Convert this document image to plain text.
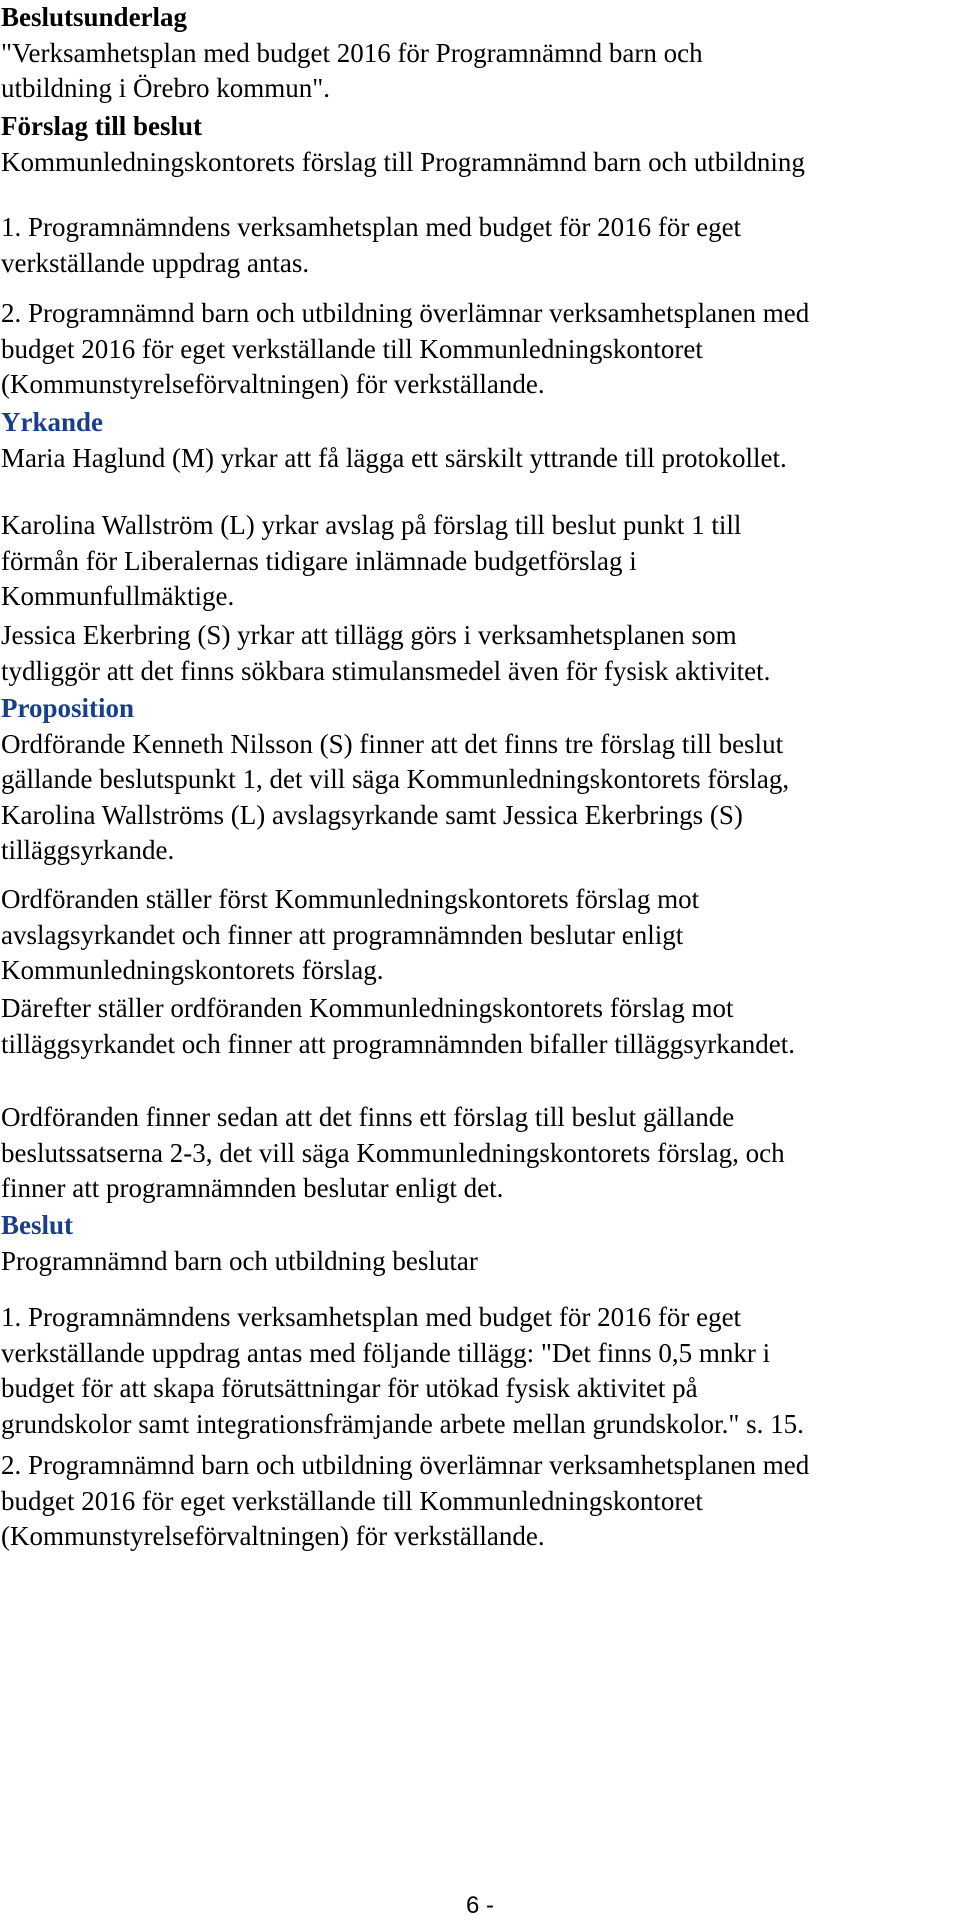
Beslutsunderlag
"Verksamhetsplan med budget 2016 för Programnämnd barn och
utbildning i Örebro kommun".
Förslag till beslut
Kommunledningskontorets förslag till Programnämnd barn och utbildning
1. Programnämndens verksamhetsplan med budget för 2016 för eget
verkställande uppdrag antas.
2. Programnämnd barn och utbildning överlämnar verksamhetsplanen med
budget 2016 för eget verkställande till Kommunledningskontoret
(Kommunstyrelseförvaltningen) för verkställande.
Yrkande
Maria Haglund (M) yrkar att få lägga ett särskilt yttrande till protokollet.
Karolina Wallström (L) yrkar avslag på förslag till beslut punkt 1 till
förmån för Liberalernas tidigare inlämnade budgetförslag i
Kommunfullmäktige.
Jessica Ekerbring (S) yrkar att tillägg görs i verksamhetsplanen som
tydliggör att det finns sökbara stimulansmedel även för fysisk aktivitet.
Proposition
Ordförande Kenneth Nilsson (S) finner att det finns tre förslag till beslut
gällande beslutspunkt 1, det vill säga Kommunledningskontorets förslag,
Karolina Wallströms (L) avslagsyrkande samt Jessica Ekerbrings (S)
tilläggsyrkande.
Ordföranden ställer först Kommunledningskontorets förslag mot
avslagsyrkandet och finner att programnämnden beslutar enligt
Kommunledningskontorets förslag.
Därefter ställer ordföranden Kommunledningskontorets förslag mot
tilläggsyrkandet och finner att programnämnden bifaller tilläggsyrkandet.
Ordföranden finner sedan att det finns ett förslag till beslut gällande
beslutssatserna 2-3, det vill säga Kommunledningskontorets förslag, och
finner att programnämnden beslutar enligt det.
Beslut
Programnämnd barn och utbildning beslutar
1. Programnämndens verksamhetsplan med budget för 2016 för eget
verkställande uppdrag antas med följande tillägg: "Det finns 0,5 mnkr i
budget för att skapa förutsättningar för utökad fysisk aktivitet på
grundskolor samt integrationsfrämjande arbete mellan grundskolor." s. 15.
2. Programnämnd barn och utbildning överlämnar verksamhetsplanen med
budget 2016 för eget verkställande till Kommunledningskontoret
(Kommunstyrelseförvaltningen) för verkställande.
6 -
